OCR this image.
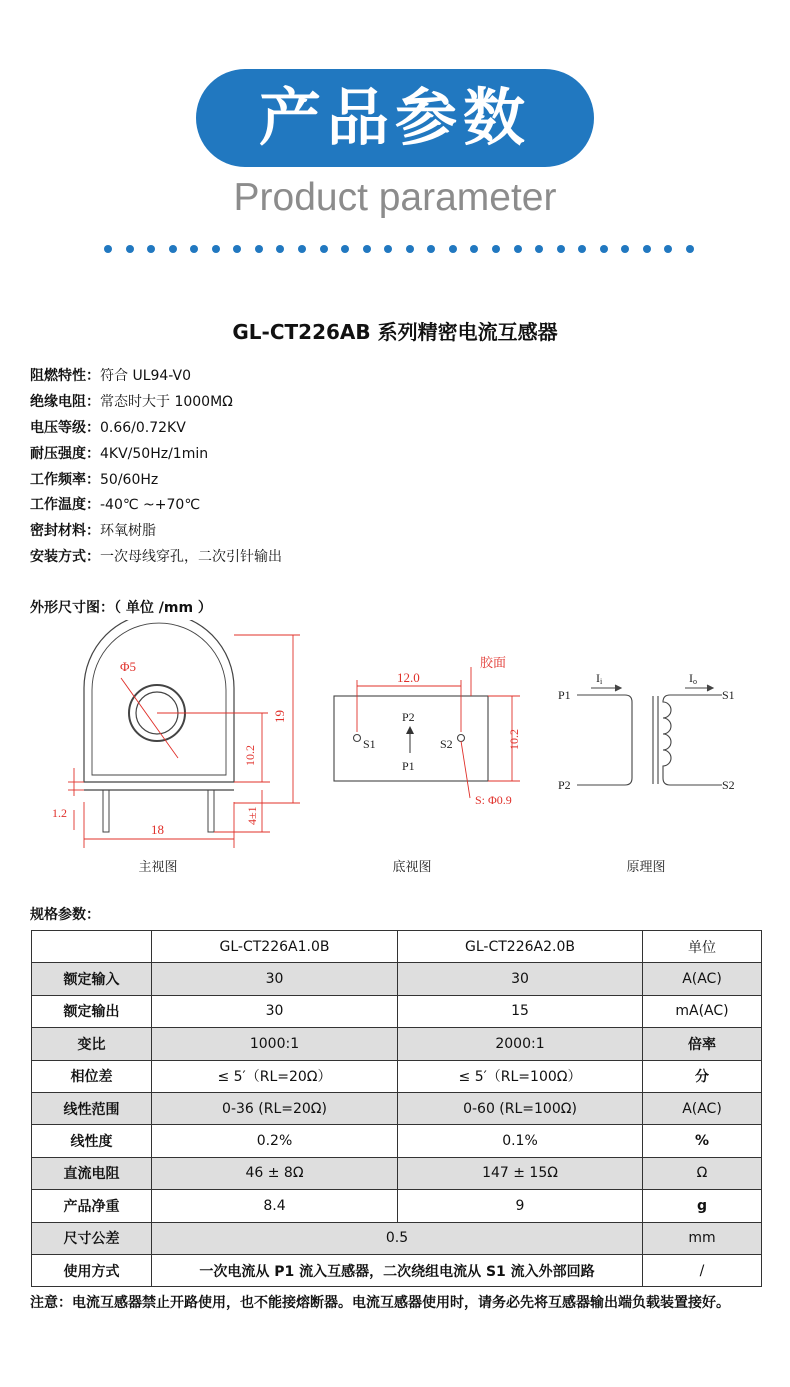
产品参数
Product parameter
GL-CT226AB 系列精密电流互感器
阻燃特性：符合 UL94-V0
绝缘电阻：常态时大于 1000MΩ
电压等级：0.66/0.72KV
耐压强度：4KV/50Hz/1min
工作频率：50/60Hz
工作温度：-40℃ ~+70℃
密封材料：环氧树脂
安装方式：一次母线穿孔，二次引针输出
外形尺寸图：（ 单位 /mm ）
Φ5
19
10.2
4±1
18
1.2
12.0
胶面
10.2
S1	S2
P2
P1
S: Φ0.9
P1
P2
S1
S2
Ii	Io
主视图	底视图	原理图
规格参数：
	GL-CT226A1.0B	GL-CT226A2.0B	单位
额定输入	30	30	A(AC)
额定输出	30	15	mA(AC)
变比	1000:1	2000:1	倍率
相位差	≤ 5′（RL=20Ω）	≤ 5′（RL=100Ω）	分
线性范围	0-36 (RL=20Ω)	0-60 (RL=100Ω)	A(AC)
线性度	0.2%	0.1%	%
直流电阻	46 ± 8Ω	147 ± 15Ω	Ω
产品净重	8.4	9	g
尺寸公差	0.5		mm
使用方式	一次电流从 P1 流入互感器，二次绕组电流从 S1 流入外部回路		/
注意：电流互感器禁止开路使用，也不能接熔断器。电流互感器使用时，请务必先将互感器输出端负载装置接好。
